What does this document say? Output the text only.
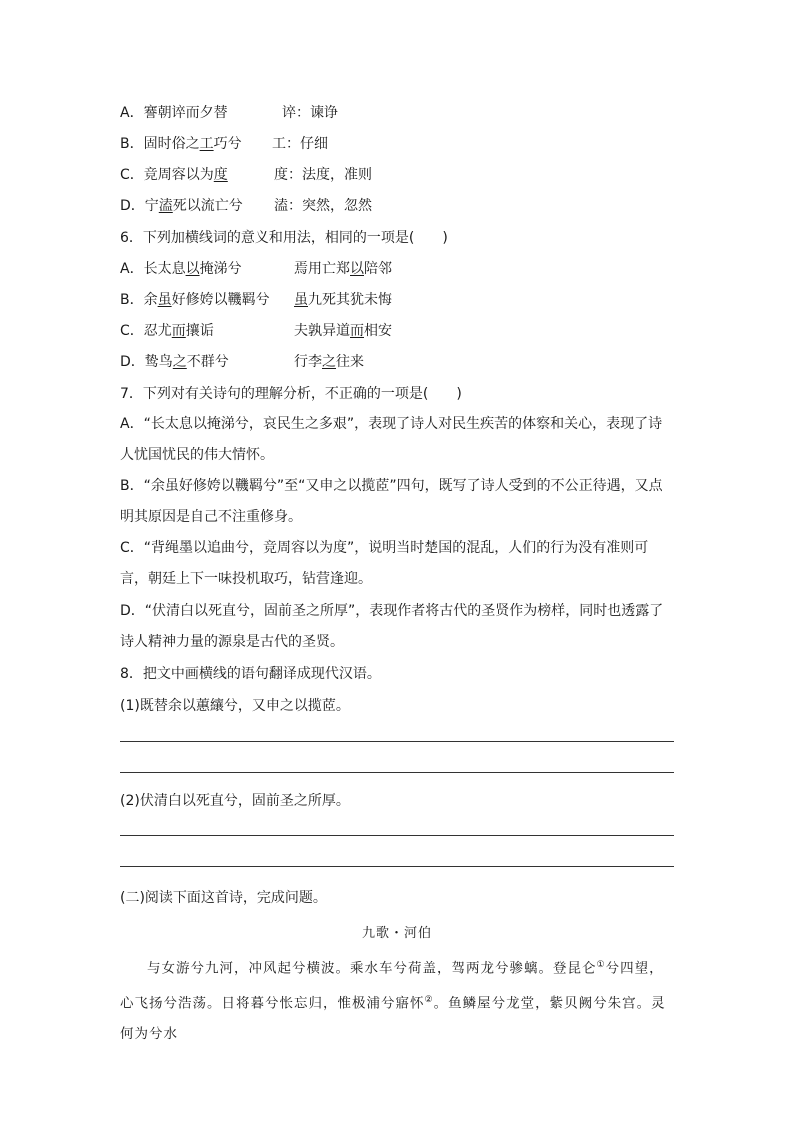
A．謇朝谇而夕替	谇：谏诤
B．固时俗之工巧兮 工：仔细
C．竞周容以为度	度：法度，准则
D．宁溘死以流亡兮 溘：突然，忽然
6．下列加横线词的意义和用法，相同的一项是(　　)
A．长太息以掩涕兮	焉用亡郑以陪邻
B．余虽好修姱以鞿羁兮 虽九死其犹未悔
C．忍尤而攘诟	夫孰异道而相安
D．鸷鸟之不群兮	行李之往来
7．下列对有关诗句的理解分析，不正确的一项是(　　)
A．“长太息以掩涕兮，哀民生之多艰”，表现了诗人对民生疾苦的体察和关心，表现了诗人忧国忧民的伟大情怀。
B．“余虽好修姱以鞿羁兮”至“又申之以揽茝”四句，既写了诗人受到的不公正待遇，又点明其原因是自己不注重修身。
C．“背绳墨以追曲兮，竞周容以为度”，说明当时楚国的混乱，人们的行为没有准则可言，朝廷上下一味投机取巧，钻营逢迎。
D．“伏清白以死直兮，固前圣之所厚”，表现作者将古代的圣贤作为榜样，同时也透露了诗人精神力量的源泉是古代的圣贤。
8．把文中画横线的语句翻译成现代汉语。
(1)既替余以蕙纕兮，又申之以揽茝。
(2)伏清白以死直兮，固前圣之所厚。
(二)阅读下面这首诗，完成问题。
九歌・河伯
与女游兮九河，冲风起兮横波。乘水车兮荷盖，驾两龙兮骖螭。登昆仑①兮四望，心飞扬兮浩荡。日将暮兮怅忘归，惟极浦兮寤怀②。鱼鳞屋兮龙堂，紫贝阙兮朱宫。灵何为兮水
